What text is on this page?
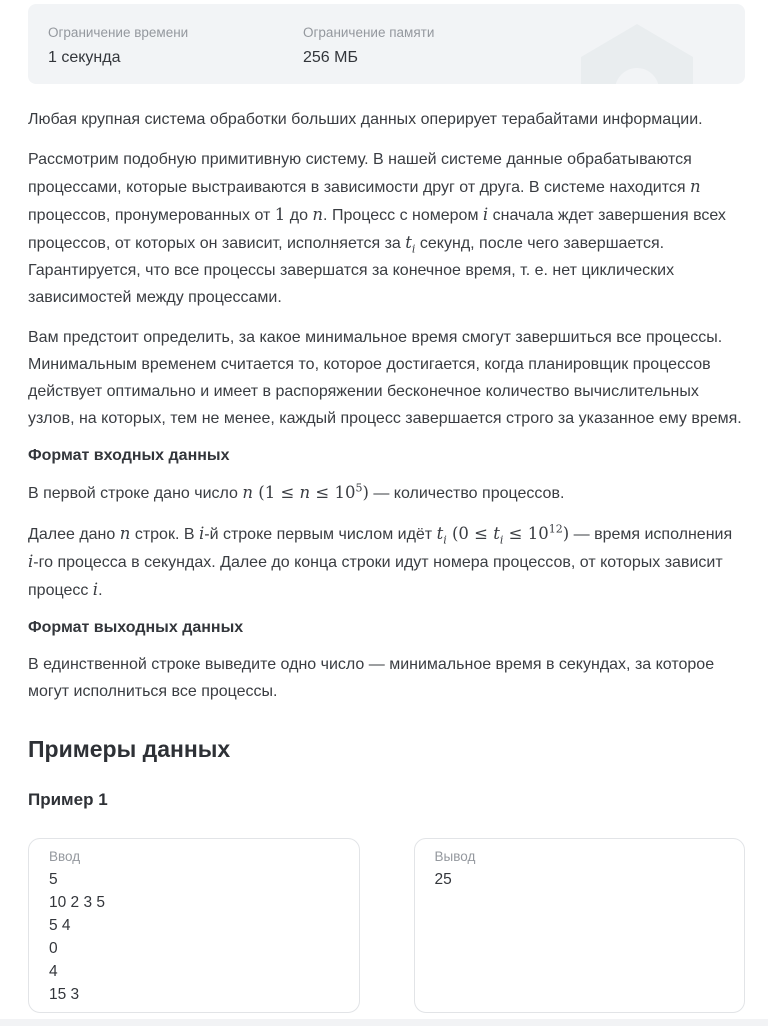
Ограничение времени
1 секунда
Ограничение памяти
256 МБ

Любая крупная система обработки больших данных оперирует терабайтами информации.

Рассмотрим подобную примитивную систему. В нашей системе данные обрабатываются процессами, которые выстраиваются в зависимости друг от друга. В системе находится n процессов, пронумерованных от 1 до n. Процесс с номером i сначала ждет завершения всех процессов, от которых он зависит, исполняется за $t_i$ секунд, после чего завершается. Гарантируется, что все процессы завершатся за конечное время, т. е. нет циклических зависимостей между процессами.

Вам предстоит определить, за какое минимальное время смогут завершиться все процессы. Минимальным временем считается то, которое достигается, когда планировщик процессов действует оптимально и имеет в распоряжении бесконечное количество вычислительных узлов, на которых, тем не менее, каждый процесс завершается строго за указанное ему время.

Формат входных данных

В первой строке дано число n $(1 \le n \le 10^5)$ — количество процессов.

Далее дано n строк. В i-й строке первым числом идёт $t_i$ $(0 \le t_i \le 10^{12})$ — время исполнения i-го процесса в секундах. Далее до конца строки идут номера процессов, от которых зависит процесс i.

Формат выходных данных

В единственной строке выведите одно число — минимальное время в секундах, за которое могут исполниться все процессы.

Примеры данных
Пример 1
Ввод
5
10 2 3 5
5 4
0
4
15 3
Вывод
25
